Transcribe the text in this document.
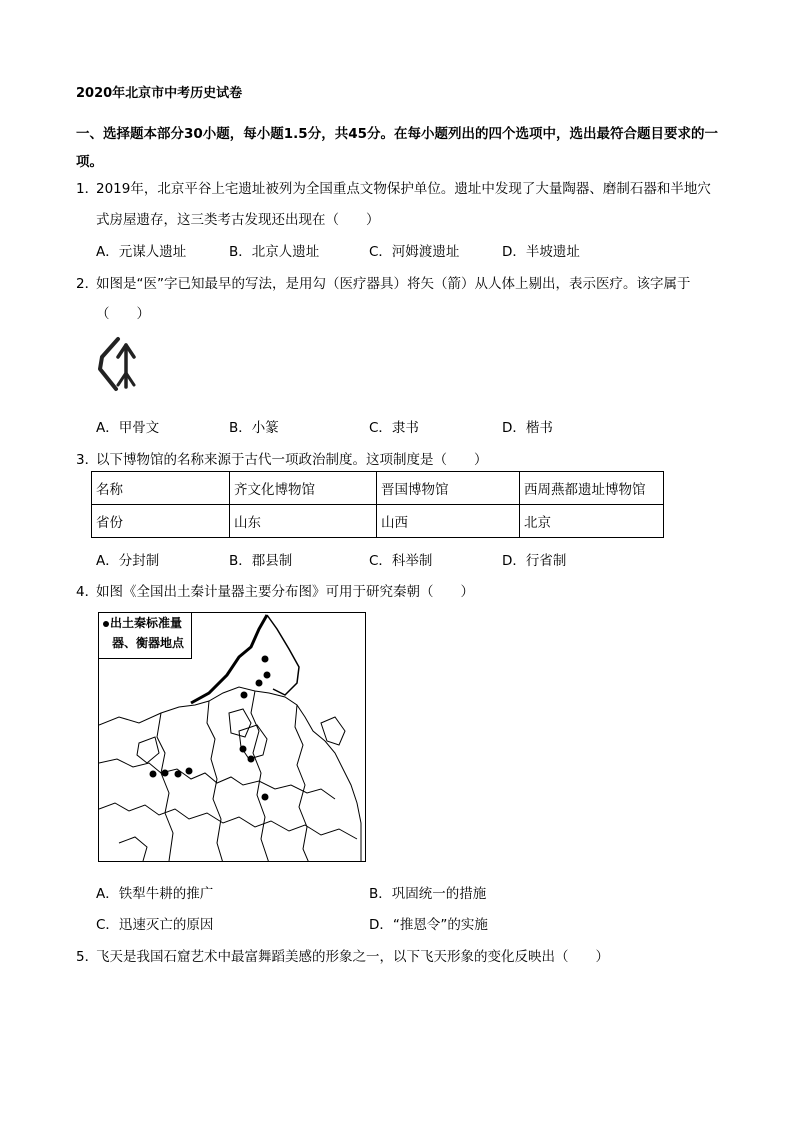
2020年北京市中考历史试卷
一、选择题本部分30小题，每小题1.5分，共45分。在每小题列出的四个选项中，选出最符合题目要求的一项。
1．
2019年，北京平谷上宅遗址被列为全国重点文物保护单位。遗址中发现了大量陶器、磨制石器和半地穴
式房屋遗存，这三类考古发现还出现在（　　）
A．元谋人遗址	B．北京人遗址	C．河姆渡遗址	D．半坡遗址
2．
如图是“医”字已知最早的写法，是用勾（医疗器具）将矢（箭）从人体上剔出，表示医疗。该字属于
（　　）
A．甲骨文	B．小篆	C．隶书	D．楷书
3．
以下博物馆的名称来源于古代一项政治制度。这项制度是（　　）
名称	齐文化博物馆	晋国博物馆	西周燕都遗址博物馆
省份	山东	山西	北京
A．分封制	B．郡县制	C．科举制	D．行省制
4．
如图《全国出土秦计量器主要分布图》可用于研究秦朝（　　）
出土秦标准量
器、衡器地点
A．铁犁牛耕的推广	B．巩固统一的措施
C．迅速灭亡的原因	D．“推恩令”的实施
5．
飞天是我国石窟艺术中最富舞蹈美感的形象之一，以下飞天形象的变化反映出（　　）
